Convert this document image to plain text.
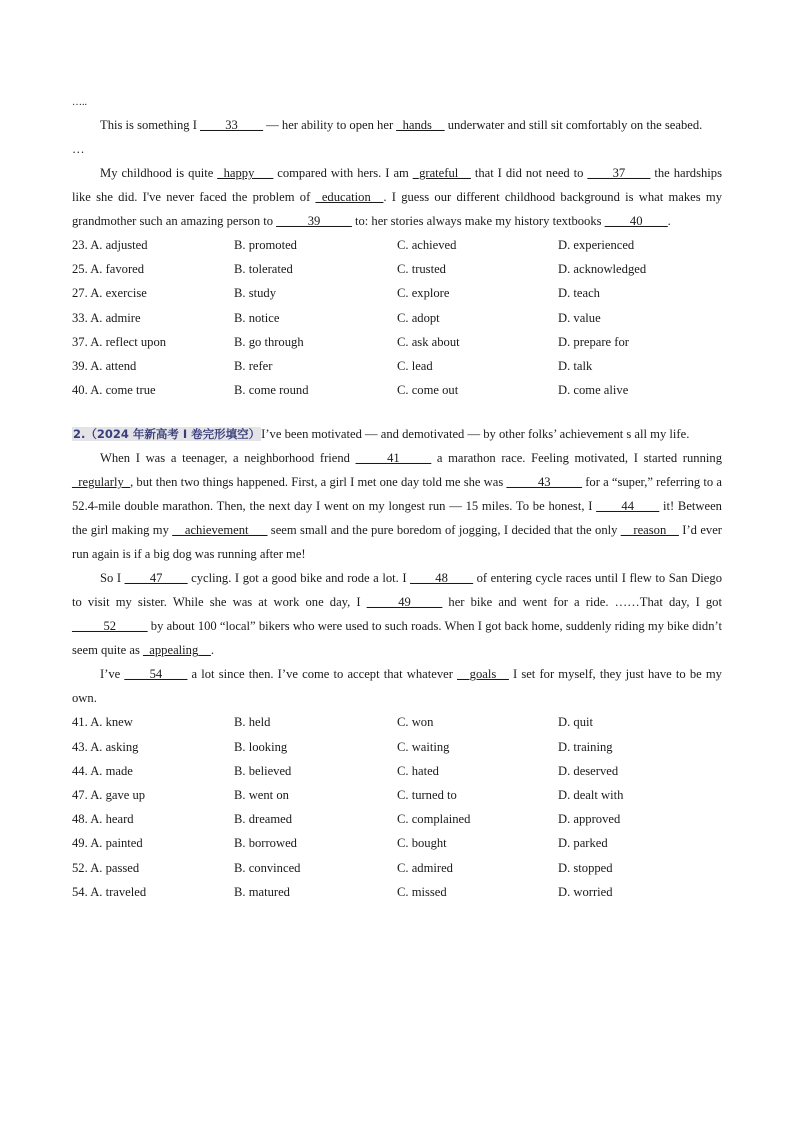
…..

This is something I ____33____ — her ability to open her _hands__ underwater and still sit comfortably on the seabed.

…

My childhood is quite _happy___ compared with hers. I am _grateful__ that I did not need to ____37____ the hardships like she did. I've never faced the problem of _education__. I guess our different childhood background is what makes my grandmother such an amazing person to _____39_____ to: her stories always make my history textbooks ____40____.

23. A. adjusted	B. promoted	C. achieved	D. experienced
25. A. favored	B. tolerated	C. trusted	D. acknowledged
27. A. exercise	B. study	C. explore	D. teach
33. A. admire	B. notice	C. adopt	D. value
37. A. reflect upon	B. go through	C. ask about	D. prepare for
39. A. attend	B. refer	C. lead	D. talk
40. A. come true	B. come round	C. come out	D. come alive

2.（2024 年新高考 I 卷完形填空）I’ve been motivated — and demotivated — by other folks’ achievement s all my life.

When I was a teenager, a neighborhood friend _____41_____ a marathon race. Feeling motivated, I started running _regularly_, but then two things happened. First, a girl I met one day told me she was _____43_____ for a “super,” referring to a 52.4-mile double marathon. Then, the next day I went on my longest run — 15 miles. To be honest, I ____44____ it! Between the girl making my __achievement___ seem small and the pure boredom of jogging, I decided that the only __reason__ I’d ever run again is if a big dog was running after me!

So I ____47____ cycling. I got a good bike and rode a lot. I ____48____ of entering cycle races until I flew to San Diego to visit my sister. While she was at work one day, I _____49_____ her bike and went for a ride. ……That day, I got _____52_____ by about 100 “local” bikers who were used to such roads. When I got back home, suddenly riding my bike didn’t seem quite as _appealing__.

I’ve ____54____ a lot since then. I’ve come to accept that whatever __goals__ I set for myself, they just have to be my own.

41. A. knew	B. held	C. won	D. quit
43. A. asking	B. looking	C. waiting	D. training
44. A. made	B. believed	C. hated	D. deserved
47. A. gave up	B. went on	C. turned to	D. dealt with
48. A. heard	B. dreamed	C. complained	D. approved
49. A. painted	B. borrowed	C. bought	D. parked
52. A. passed	B. convinced	C. admired	D. stopped
54. A. traveled	B. matured	C. missed	D. worried
